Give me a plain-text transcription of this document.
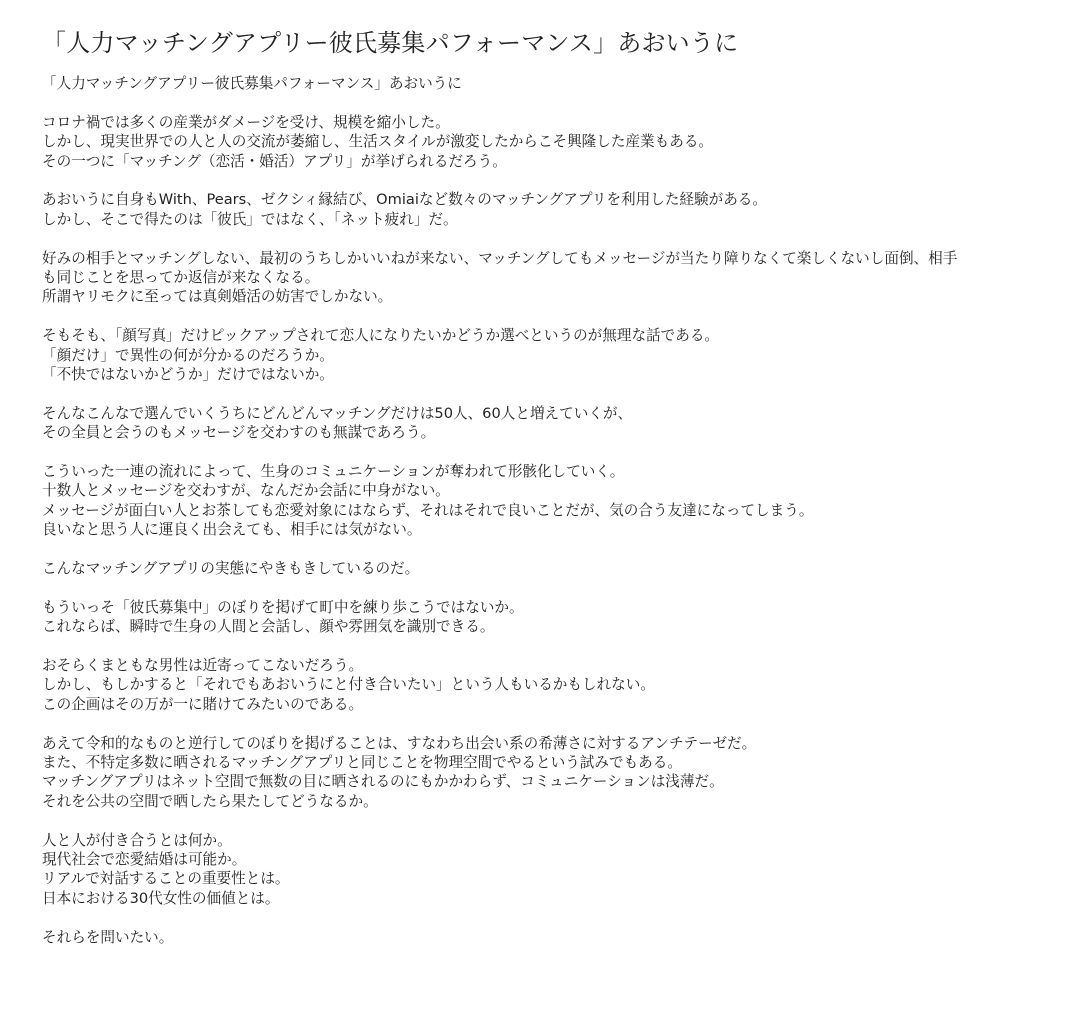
「人力マッチングアプリー彼氏募集パフォーマンス」あおいうに
「人力マッチングアプリー彼氏募集パフォーマンス」あおいうに
コロナ禍では多くの産業がダメージを受け、規模を縮小した。
しかし、現実世界での人と人の交流が萎縮し、生活スタイルが激変したからこそ興隆した産業もある。
その一つに「マッチング（恋活・婚活）アプリ」が挙げられるだろう。
あおいうに自身もWith、Pears、ゼクシィ縁結び、Omiaiなど数々のマッチングアプリを利用した経験がある。
しかし、そこで得たのは「彼氏」ではなく、「ネット疲れ」だ。
好みの相手とマッチングしない、最初のうちしかいいねが来ない、マッチングしてもメッセージが当たり障りなくて楽しくないし面倒、相手
も同じことを思ってか返信が来なくなる。
所謂ヤリモクに至っては真剣婚活の妨害でしかない。
そもそも、「顔写真」だけピックアップされて恋人になりたいかどうか選べというのが無理な話である。
「顔だけ」で異性の何が分かるのだろうか。
「不快ではないかどうか」だけではないか。
そんなこんなで選んでいくうちにどんどんマッチングだけは50人、60人と増えていくが、
その全員と会うのもメッセージを交わすのも無謀であろう。
こういった一連の流れによって、生身のコミュニケーションが奪われて形骸化していく。
十数人とメッセージを交わすが、なんだか会話に中身がない。
メッセージが面白い人とお茶しても恋愛対象にはならず、それはそれで良いことだが、気の合う友達になってしまう。
良いなと思う人に運良く出会えても、相手には気がない。
こんなマッチングアプリの実態にやきもきしているのだ。
もういっそ「彼氏募集中」のぼりを掲げて町中を練り歩こうではないか。
これならば、瞬時で生身の人間と会話し、顔や雰囲気を識別できる。
おそらくまともな男性は近寄ってこないだろう。
しかし、もしかすると「それでもあおいうにと付き合いたい」という人もいるかもしれない。
この企画はその万が一に賭けてみたいのである。
あえて令和的なものと逆行してのぼりを掲げることは、すなわち出会い系の希薄さに対するアンチテーゼだ。
また、不特定多数に晒されるマッチングアプリと同じことを物理空間でやるという試みでもある。
マッチングアプリはネット空間で無数の目に晒されるのにもかかわらず、コミュニケーションは浅薄だ。
それを公共の空間で晒したら果たしてどうなるか。
人と人が付き合うとは何か。
現代社会で恋愛結婚は可能か。
リアルで対話することの重要性とは。
日本における30代女性の価値とは。
それらを問いたい。
